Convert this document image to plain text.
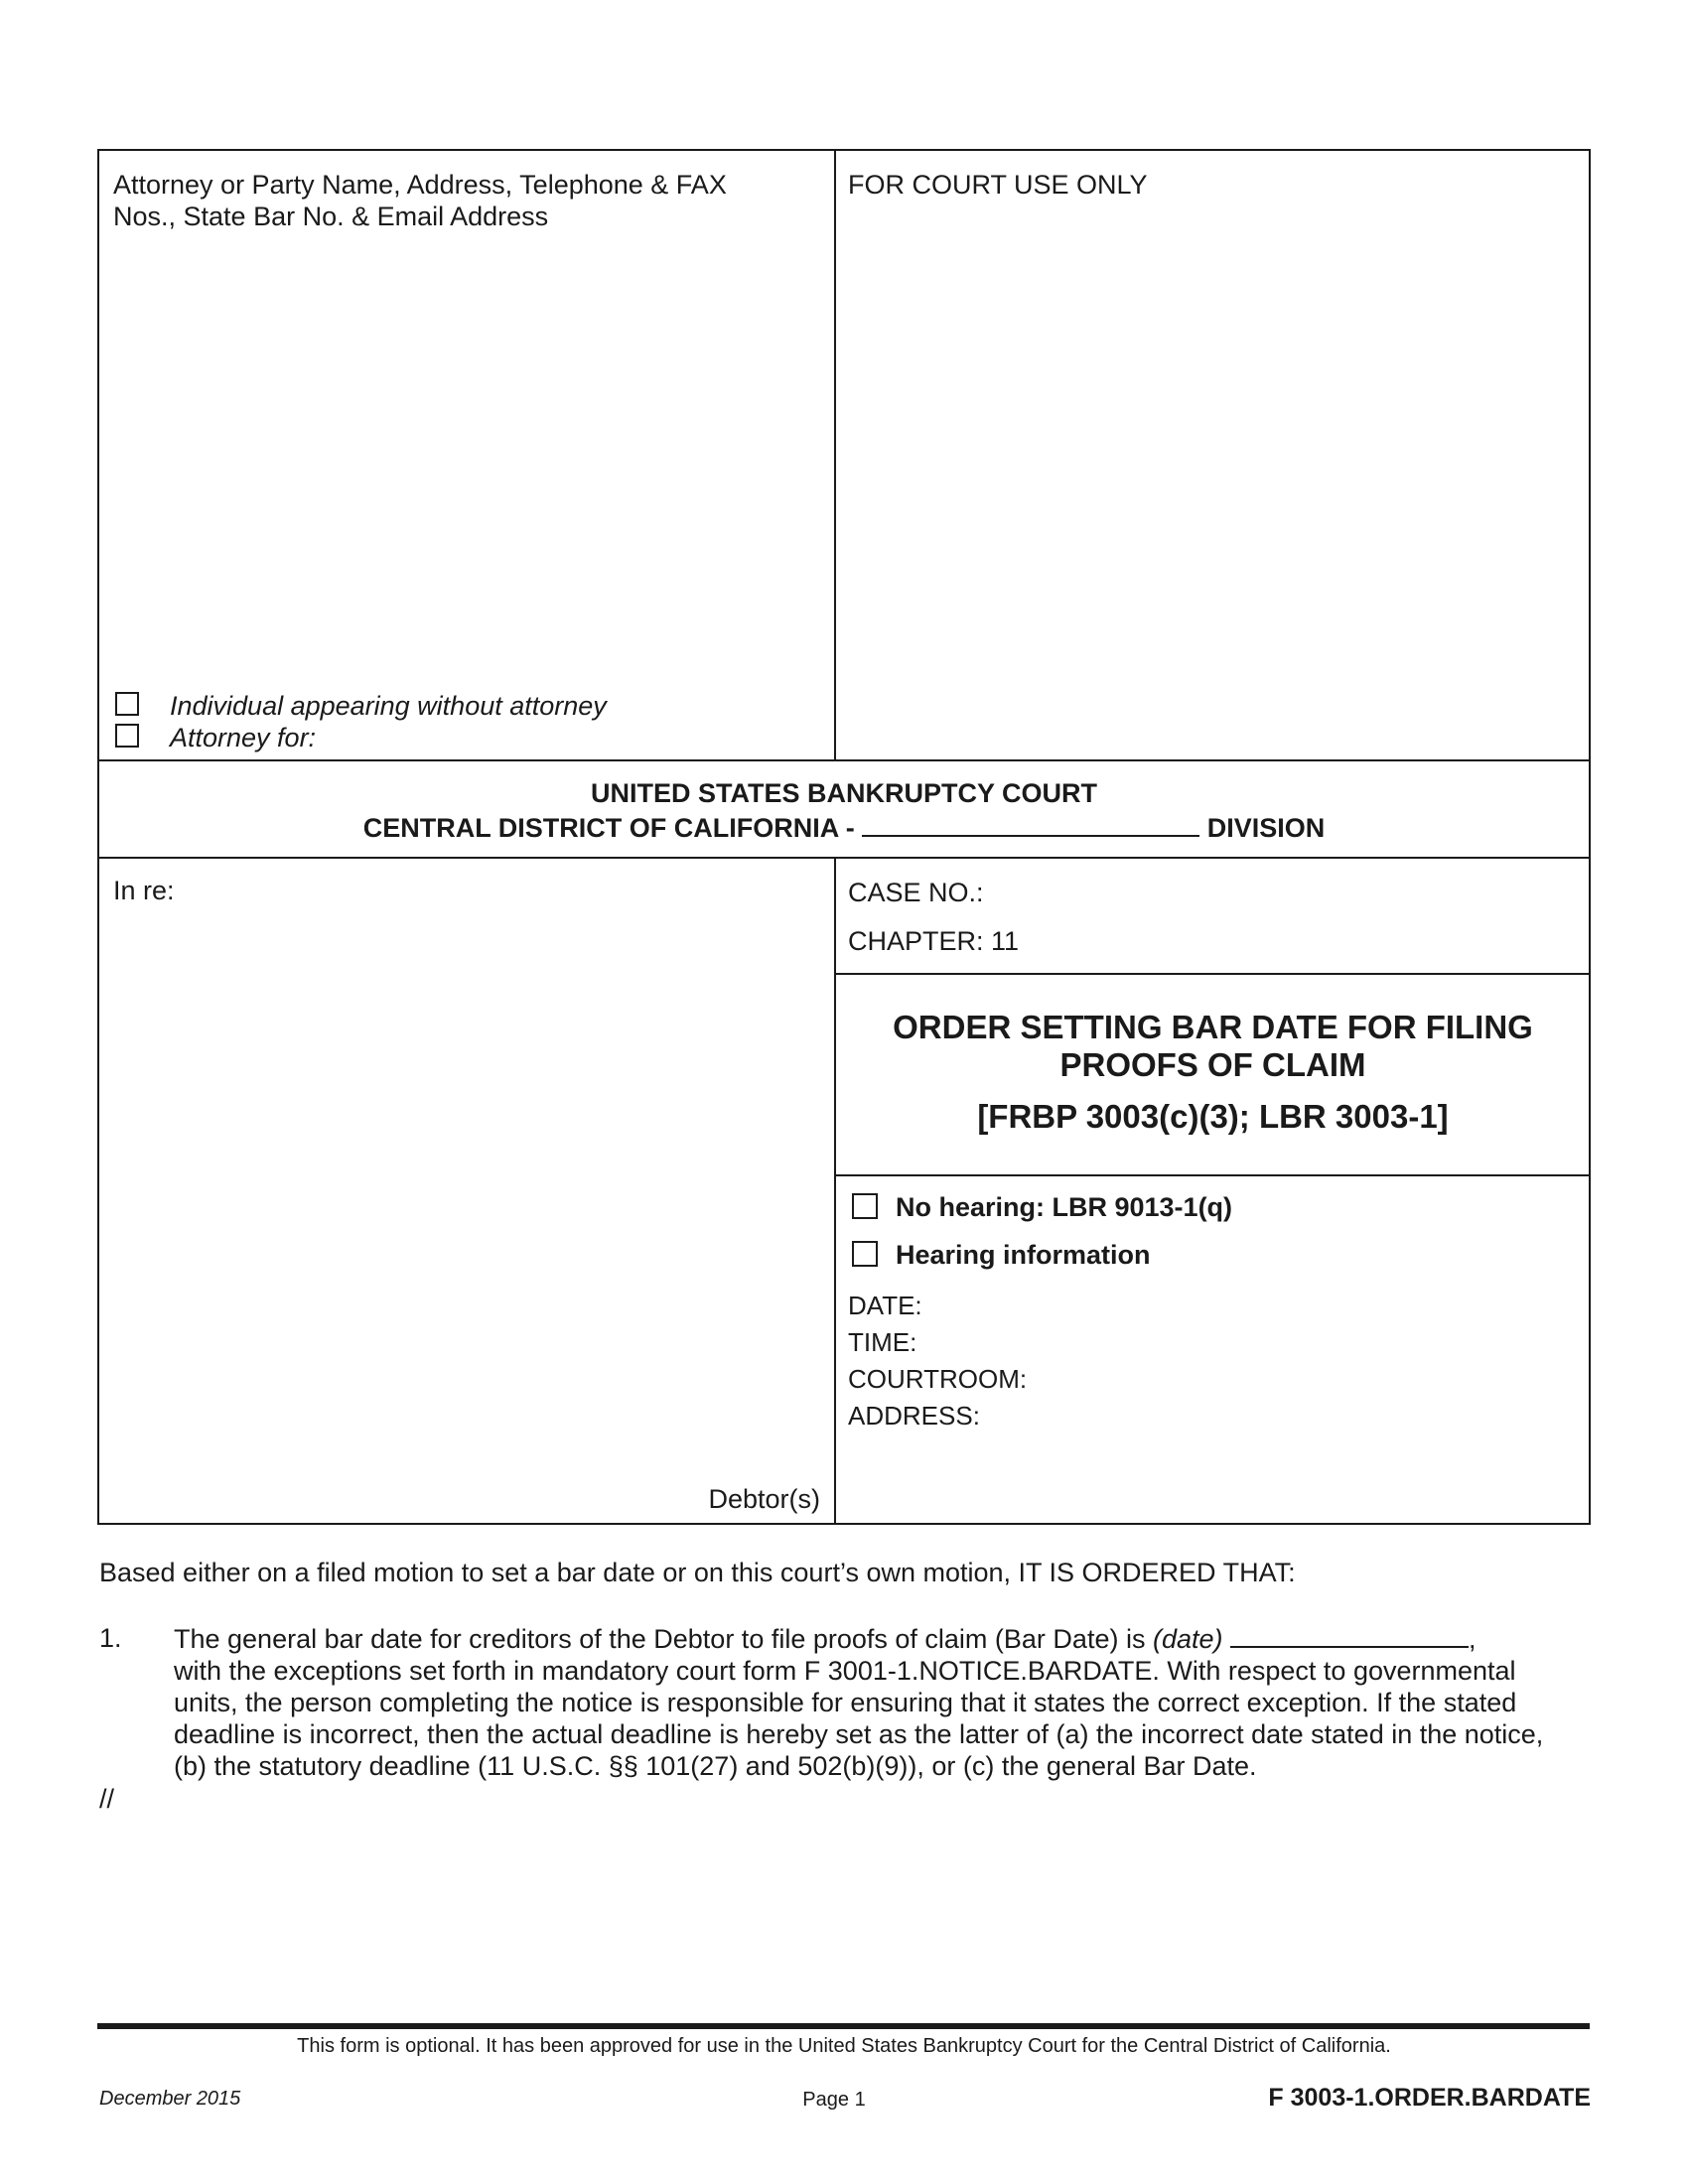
Attorney or Party Name, Address, Telephone & FAX
Nos., State Bar No. & Email Address
Individual appearing without attorney
Attorney for:
FOR COURT USE ONLY
UNITED STATES BANKRUPTCY COURT
CENTRAL DISTRICT OF CALIFORNIA -	DIVISION
In re:
Debtor(s)
CASE NO.:
CHAPTER: 11
ORDER SETTING BAR DATE FOR FILING
PROOFS OF CLAIM
[FRBP 3003(c)(3); LBR 3003-1]
No hearing: LBR 9013-1(q)
Hearing information
DATE:
TIME:
COURTROOM:
ADDRESS:
Based either on a filed motion to set a bar date or on this court’s own motion, IT IS ORDERED THAT:
1. The general bar date for creditors of the Debtor to file proofs of claim (Bar Date) is (date)	,
with the exceptions set forth in mandatory court form F 3001-1.NOTICE.BARDATE. With respect to governmental
units, the person completing the notice is responsible for ensuring that it states the correct exception. If the stated
deadline is incorrect, then the actual deadline is hereby set as the latter of (a) the incorrect date stated in the notice,
(b) the statutory deadline (11 U.S.C. §§ 101(27) and 502(b)(9)), or (c) the general Bar Date.
//
This form is optional. It has been approved for use in the United States Bankruptcy Court for the Central District of California.
December 2015	Page 1	F 3003-1.ORDER.BARDATE
